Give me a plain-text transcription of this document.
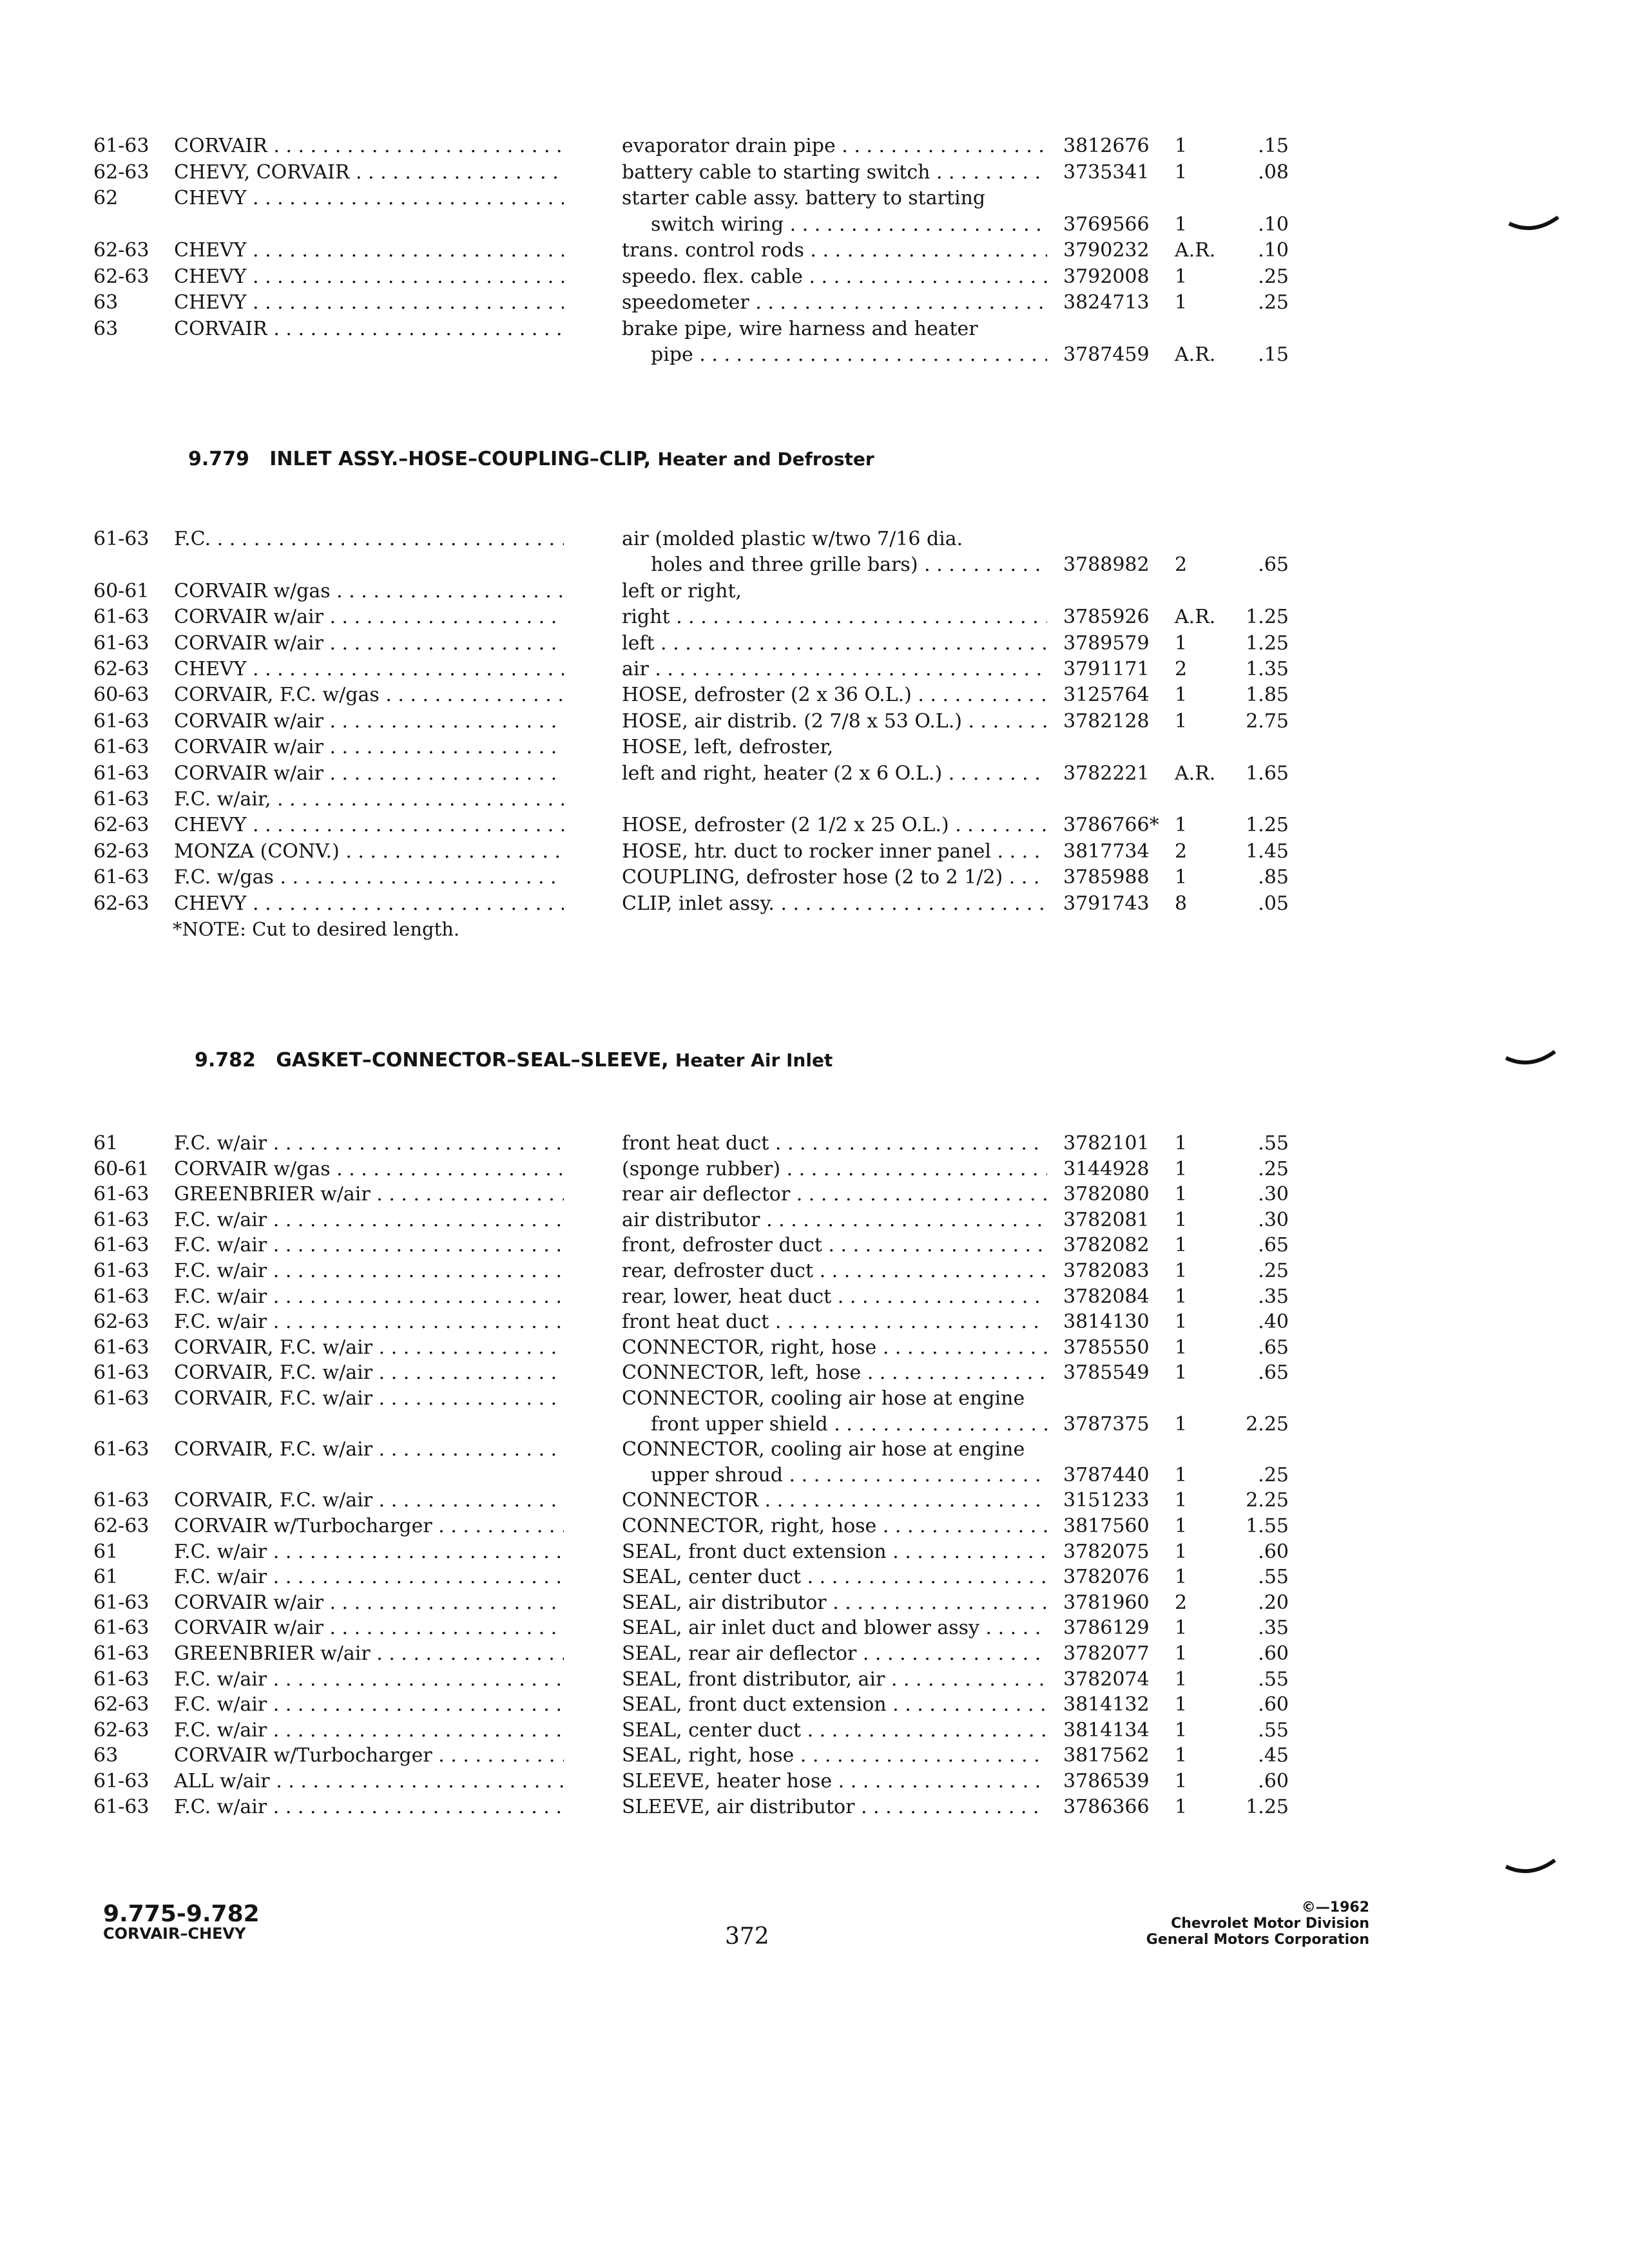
9.779 INLET ASSY.–HOSE–COUPLING–CLIP, Heater and Defroster
9.782 GASKET–CONNECTOR–SEAL–SLEEVE, Heater Air Inlet
61-63 CORVAIR . . .	evaporator drain pipe . . .	3812676 1	.15
62-63 CHEVY, CORVAIR . . .	battery cable to starting switch . . .	3735341 1	.08
62	CHEVY . . .	starter cable assy. battery to starting
switch wiring . . .	3769566 1	.10
62-63 CHEVY . . .	trans. control rods . . .	3790232 A.R.	.10
62-63 CHEVY . . .	speedo. flex. cable . . .	3792008 1	.25
63	CHEVY . . .	speedometer . . .	3824713 1	.25
63	CORVAIR . . .	brake pipe, wire harness and heater
pipe . . .	3787459 A.R.	.15
61-63 F.C. . . .	air (molded plastic w/two 7/16 dia.
holes and three grille bars) . . .	3788982 2	.65
60-61 CORVAIR w/gas . . .	left or right,
61-63 CORVAIR w/air . . .	right . . .	3785926 A.R.	1.25
61-63 CORVAIR w/air . . .	left . . .	3789579 1	1.25
62-63 CHEVY . . .	air . . .	3791171 2	1.35
60-63 CORVAIR, F.C. w/gas . . .	HOSE, defroster (2 x 36 O.L.) . . .	3125764 1	1.85
61-63 CORVAIR w/air . . .	HOSE, air distrib. (2 7/8 x 53 O.L.) . . .	3782128 1	2.75
61-63 CORVAIR w/air . . .	HOSE, left, defroster,
61-63 CORVAIR w/air . . .	left and right, heater (2 x 6 O.L.) . . .	3782221 A.R.	1.65
61-63 F.C. w/air, . . .
62-63 CHEVY . . .	HOSE, defroster (2 1/2 x 25 O.L.) . . .	3786766* 1	1.25
62-63 MONZA (CONV.) . . .	HOSE, htr. duct to rocker inner panel . . .	3817734 2	1.45
61-63 F.C. w/gas . . .	COUPLING, defroster hose (2 to 2 1/2) . . .	3785988 1	.85
62-63 CHEVY . . .	CLIP, inlet assy. . . .	3791743 8	.05
61	F.C. w/air . . .	front heat duct . . .	3782101 1	.55
60-61 CORVAIR w/gas . . .	(sponge rubber) . . .	3144928 1	.25
61-63 GREENBRIER w/air . . .	rear air deflector . . .	3782080 1	.30
61-63 F.C. w/air . . .	air distributor . . .	3782081 1	.30
61-63 F.C. w/air . . .	front, defroster duct . . .	3782082 1	.65
61-63 F.C. w/air . . .	rear, defroster duct . . .	3782083 1	.25
61-63 F.C. w/air . . .	rear, lower, heat duct . . .	3782084 1	.35
62-63 F.C. w/air . . .	front heat duct . . .	3814130 1	.40
61-63 CORVAIR, F.C. w/air . . .	CONNECTOR, right, hose . . .	3785550 1	.65
61-63 CORVAIR, F.C. w/air . . .	CONNECTOR, left, hose . . .	3785549 1	.65
61-63 CORVAIR, F.C. w/air . . .	CONNECTOR, cooling air hose at engine
front upper shield . . .	3787375 1	2.25
61-63 CORVAIR, F.C. w/air . . .	CONNECTOR, cooling air hose at engine
upper shroud . . .	3787440 1	.25
61-63 CORVAIR, F.C. w/air . . .	CONNECTOR . . .	3151233 1	2.25
62-63 CORVAIR w/Turbocharger . . .	CONNECTOR, right, hose . . .	3817560 1	1.55
61	F.C. w/air . . .	SEAL, front duct extension . . .	3782075 1	.60
61	F.C. w/air . . .	SEAL, center duct . . .	3782076 1	.55
61-63 CORVAIR w/air . . .	SEAL, air distributor . . .	3781960 2	.20
61-63 CORVAIR w/air . . .	SEAL, air inlet duct and blower assy . . .	3786129 1	.35
61-63 GREENBRIER w/air . . .	SEAL, rear air deflector . . .	3782077 1	.60
61-63 F.C. w/air . . .	SEAL, front distributor, air . . .	3782074 1	.55
62-63 F.C. w/air . . .	SEAL, front duct extension . . .	3814132 1	.60
62-63 F.C. w/air . . .	SEAL, center duct . . .	3814134 1	.55
63	CORVAIR w/Turbocharger . . .	SEAL, right, hose . . .	3817562 1	.45
61-63 ALL w/air . . .	SLEEVE, heater hose . . .	3786539 1	.60
61-63 F.C. w/air . . .	SLEEVE, air distributor . . .	3786366 1	1.25
*NOTE: Cut to desired length.
9.775-9.782
CORVAIR–CHEVY	372
©—1962
Chevrolet Motor Division
General Motors Corporation
